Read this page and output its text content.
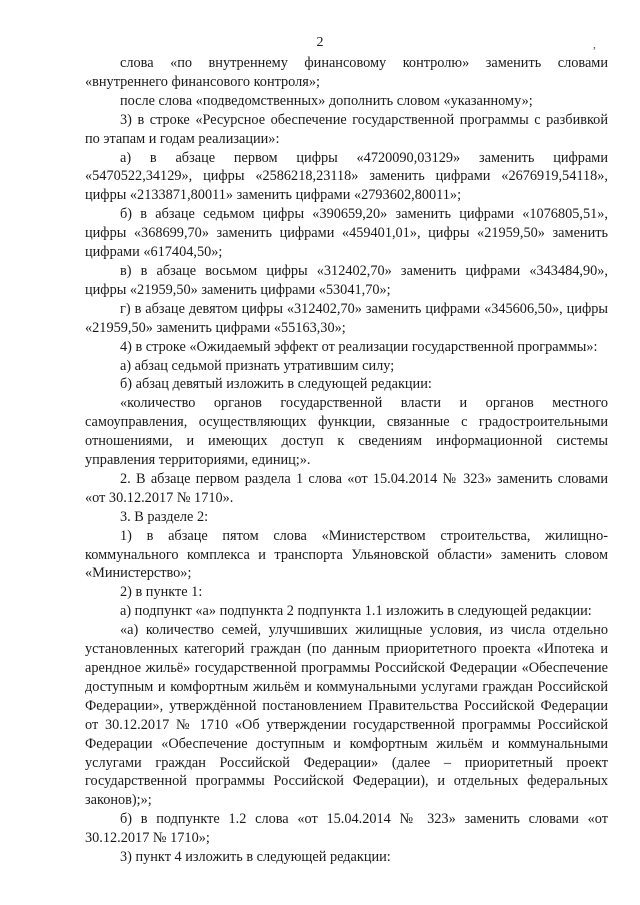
2	,

слова «по внутреннему финансовому контролю» заменить словами «внутреннего финансового контроля»;

после слова «подведомственных» дополнить словом «указанному»;

3) в строке «Ресурсное обеспечение государственной программы с разбивкой по этапам и годам реализации»:

а) в абзаце первом цифры «4720090,03129» заменить цифрами «5470522,34129», цифры «2586218,23118» заменить цифрами «2676919,54118», цифры «2133871,80011» заменить цифрами «2793602,80011»;

б) в абзаце седьмом цифры «390659,20» заменить цифрами «1076805,51», цифры «368699,70» заменить цифрами «459401,01», цифры «21959,50» заменить цифрами «617404,50»;

в) в абзаце восьмом цифры «312402,70» заменить цифрами «343484,90», цифры «21959,50» заменить цифрами «53041,70»;

г) в абзаце девятом цифры «312402,70» заменить цифрами «345606,50», цифры «21959,50» заменить цифрами «55163,30»;

4) в строке «Ожидаемый эффект от реализации государственной программы»:

а) абзац седьмой признать утратившим силу;

б) абзац девятый изложить в следующей редакции:

«количество органов государственной власти и органов местного самоуправления, осуществляющих функции, связанные с градостроительными отношениями, и имеющих доступ к сведениям информационной системы управления территориями, единиц;».

2. В абзаце первом раздела 1 слова «от 15.04.2014 № 323» заменить словами «от 30.12.2017 № 1710».

3. В разделе 2:

1) в абзаце пятом слова «Министерством строительства, жилищно-коммунального комплекса и транспорта Ульяновской области» заменить словом «Министерство»;

2) в пункте 1:

а) подпункт «а» подпункта 2 подпункта 1.1 изложить в следующей редакции:

«а) количество семей, улучшивших жилищные условия, из числа отдельно установленных категорий граждан (по данным приоритетного проекта «Ипотека и арендное жильё» государственной программы Российской Федерации «Обеспечение доступным и комфортным жильём и коммунальными услугами граждан Российской Федерации», утверждённой постановлением Правительства Российской Федерации от 30.12.2017 № 1710 «Об утверждении государственной программы Российской Федерации «Обеспечение доступным и комфортным жильём и коммунальными услугами граждан Российской Федерации» (далее – приоритетный проект государственной программы Российской Федерации), и отдельных федеральных законов);»;

б) в подпункте 1.2 слова «от 15.04.2014 № 323» заменить словами «от 30.12.2017 № 1710»;

3) пункт 4 изложить в следующей редакции:
